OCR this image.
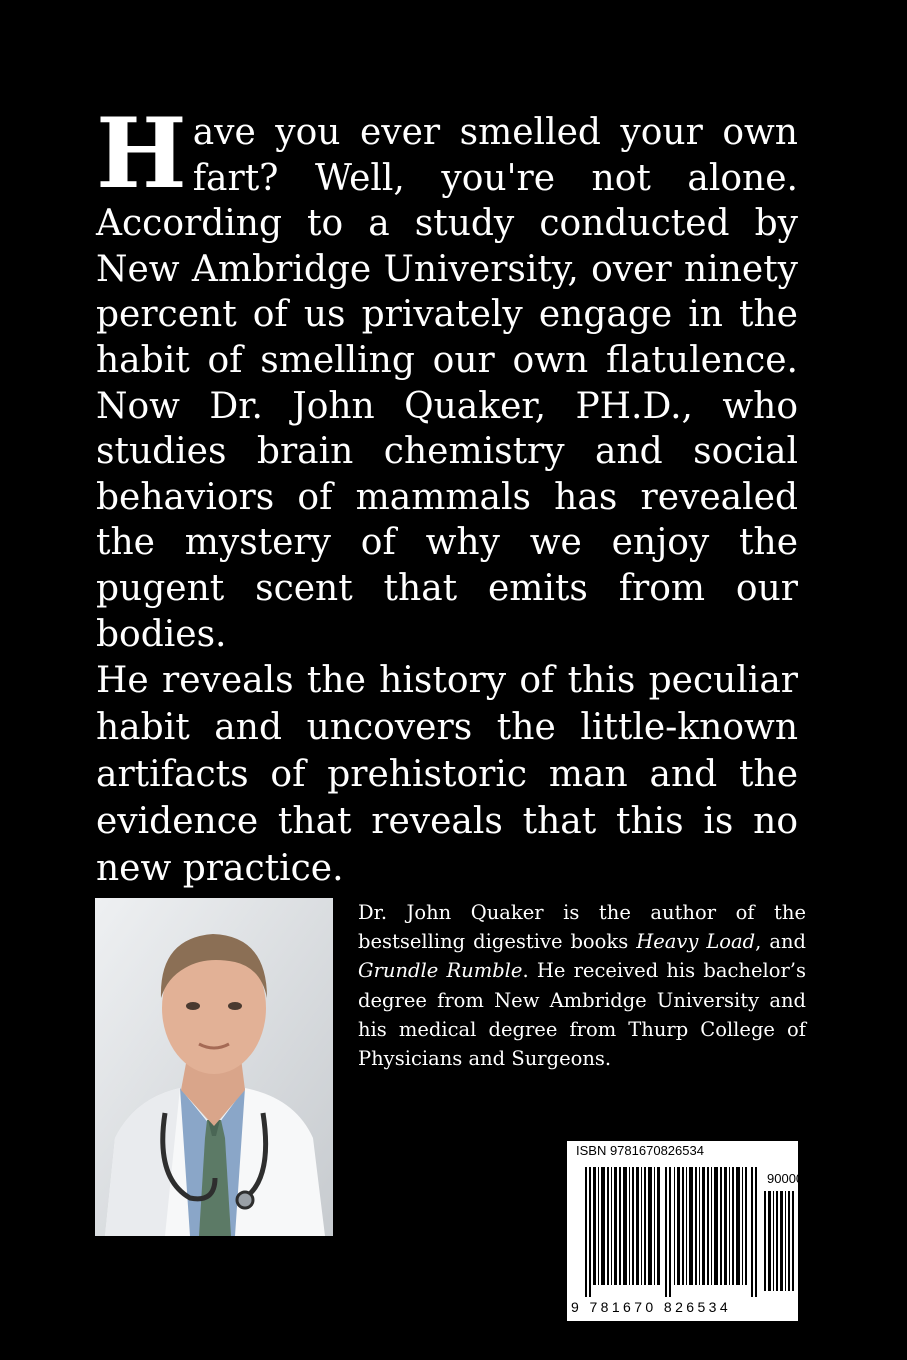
Have you ever smelled your own fart? Well, you're not alone. According to a study conducted by New Ambridge University, over ninety percent of us privately engage in the habit of smelling our own flatulence. Now Dr. John Quaker, PH.D., who studies brain chemistry and social behaviors of mammals has revealed the mystery of why we enjoy the pugent scent that emits from our bodies.

He reveals the history of this peculiar habit and uncovers the little-known artifacts of prehistoric man and the evidence that reveals that this is no new practice.

Dr. John Quaker is the author of the bestselling digestive books Heavy Load, and Grundle Rumble. He received his bachelor’s degree from New Ambridge University and his medical degree from Thurp College of Physicians and Surgeons.

ISBN 9781670826534
90000
9 781670 826534
